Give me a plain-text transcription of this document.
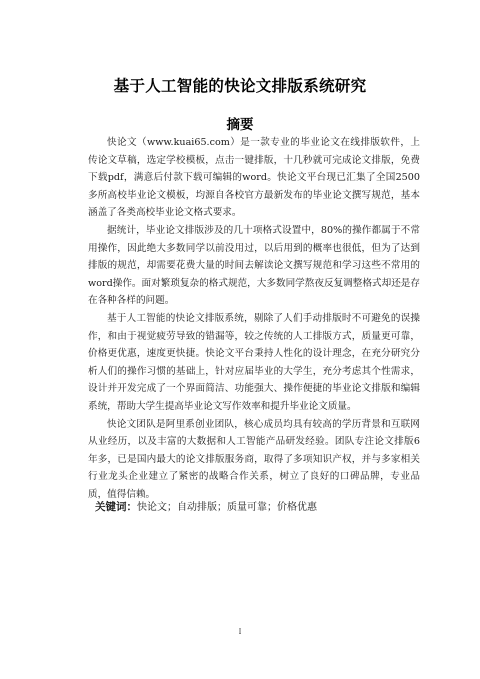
基于人工智能的快论文排版系统研究
摘要

快论文（www.kuai65.com）是一款专业的毕业论文在线排版软件，上传论文草稿，选定学校模板，点击一键排版，十几秒就可完成论文排版，免费下载pdf，满意后付款下载可编辑的word。快论文平台现已汇集了全国2500多所高校毕业论文模板，均源自各校官方最新发布的毕业论文撰写规范，基本涵盖了各类高校毕业论文格式要求。

据统计，毕业论文排版涉及的几十项格式设置中，80%的操作都属于不常用操作，因此绝大多数同学以前没用过，以后用到的概率也很低，但为了达到排版的规范，却需要花费大量的时间去解读论文撰写规范和学习这些不常用的word操作。面对繁琐复杂的格式规范，大多数同学熬夜反复调整格式却还是存在各种各样的问题。

基于人工智能的快论文排版系统，剔除了人们手动排版时不可避免的误操作，和由于视觉疲劳导致的错漏等，较之传统的人工排版方式，质量更可靠，价格更优惠，速度更快捷。快论文平台秉持人性化的设计理念，在充分研究分析人们的操作习惯的基础上，针对应届毕业的大学生，充分考虑其个性需求，设计并开发完成了一个界面简洁、功能强大、操作便捷的毕业论文排版和编辑系统，帮助大学生提高毕业论文写作效率和提升毕业论文质量。

快论文团队是阿里系创业团队，核心成员均具有较高的学历背景和互联网从业经历，以及丰富的大数据和人工智能产品研发经验。团队专注论文排版6年多，已是国内最大的论文排版服务商，取得了多项知识产权，并与多家相关行业龙头企业建立了紧密的战略合作关系，树立了良好的口碑品牌，专业品质，值得信赖。

关键词：快论文；自动排版；质量可靠；价格优惠
I
